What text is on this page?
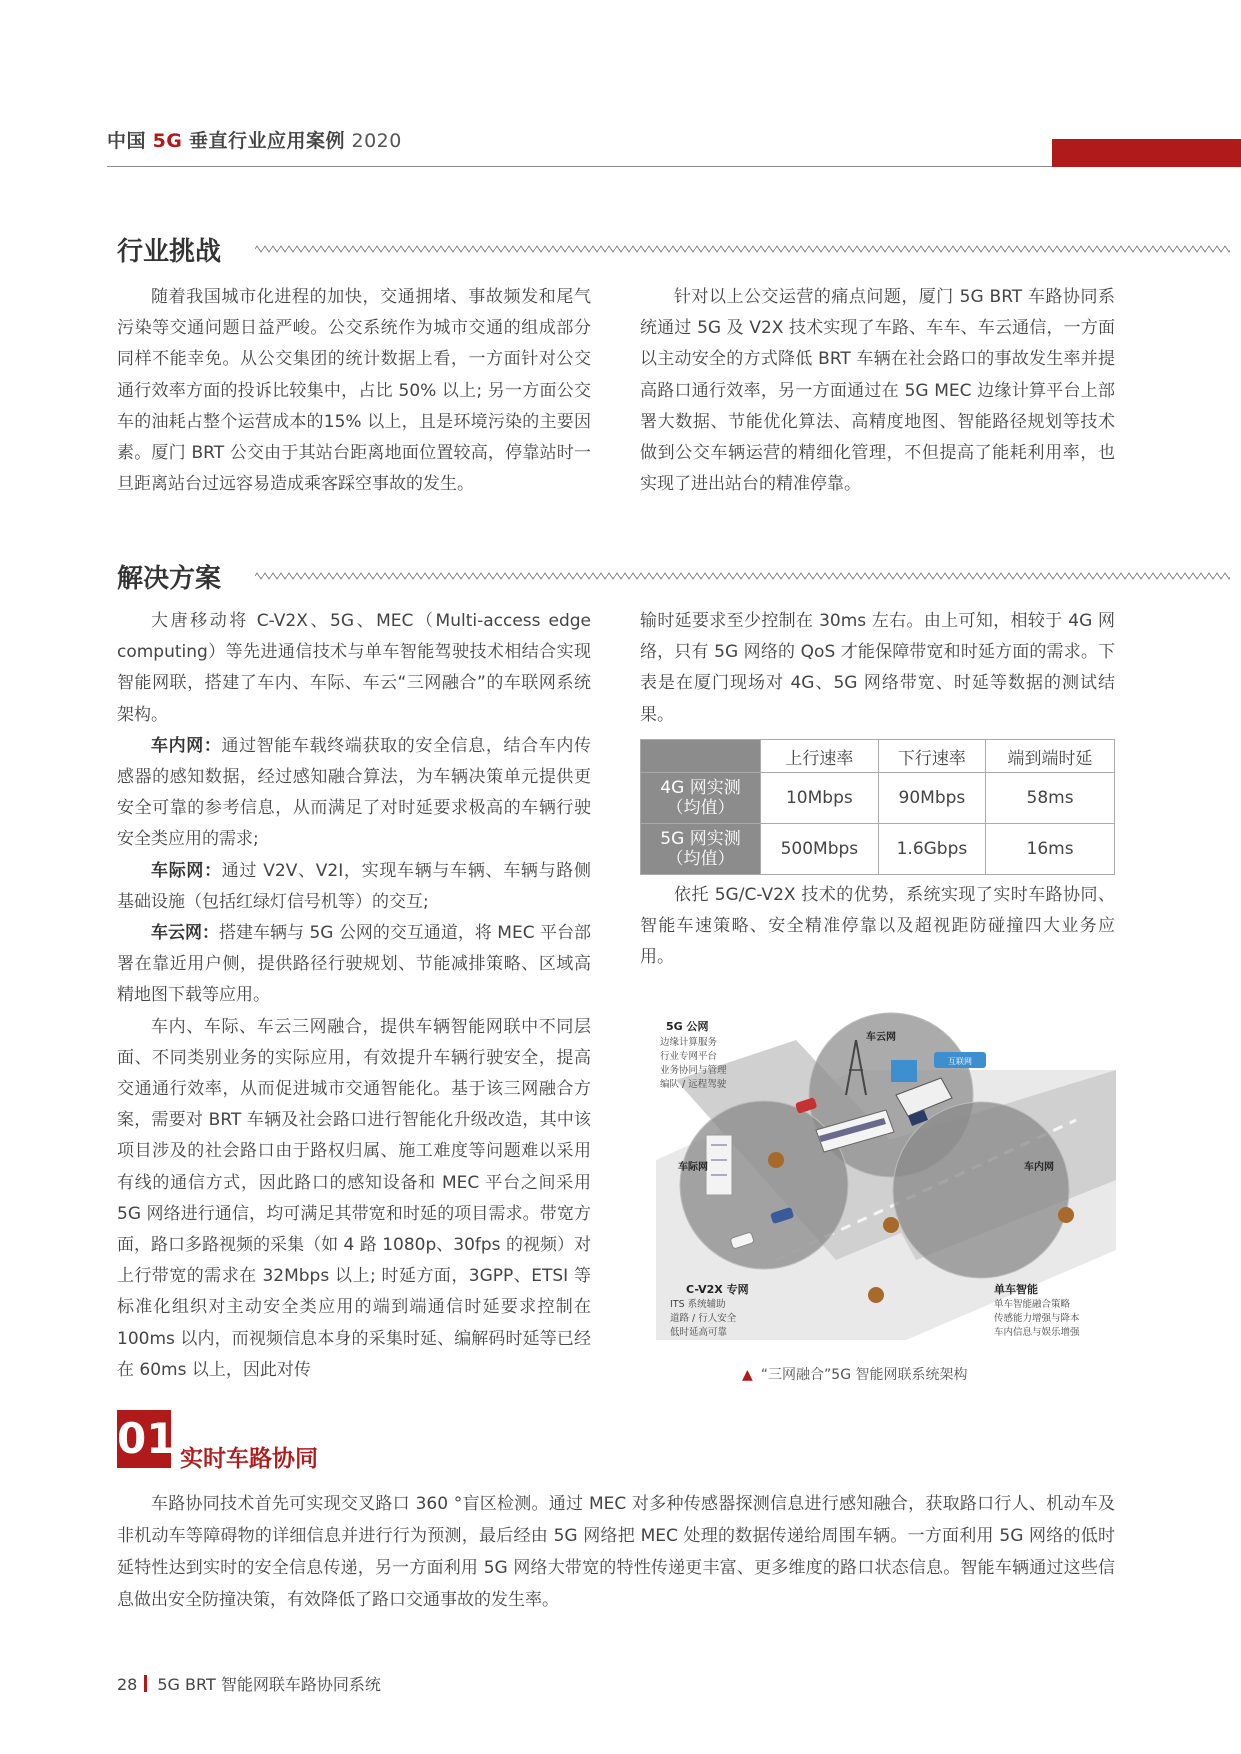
中国 5G 垂直行业应用案例 2020
行业挑战

随着我国城市化进程的加快，交通拥堵、事故频发和尾气污染等交通问题日益严峻。公交系统作为城市交通的组成部分同样不能幸免。从公交集团的统计数据上看，一方面针对公交通行效率方面的投诉比较集中，占比 50% 以上; 另一方面公交车的油耗占整个运营成本的15% 以上，且是环境污染的主要因素。厦门 BRT 公交由于其站台距离地面位置较高，停靠站时一旦距离站台过远容易造成乘客踩空事故的发生。

针对以上公交运营的痛点问题，厦门 5G BRT 车路协同系统通过 5G 及 V2X 技术实现了车路、车车、车云通信，一方面以主动安全的方式降低 BRT 车辆在社会路口的事故发生率并提高路口通行效率，另一方面通过在 5G MEC 边缘计算平台上部署大数据、节能优化算法、高精度地图、智能路径规划等技术做到公交车辆运营的精细化管理，不但提高了能耗利用率，也实现了进出站台的精准停靠。

解决方案

大唐移动将 C-V2X、5G、MEC（Multi-access edge computing）等先进通信技术与单车智能驾驶技术相结合实现智能网联，搭建了车内、车际、车云“三网融合”的车联网系统架构。

车内网：通过智能车载终端获取的安全信息，结合车内传感器的感知数据，经过感知融合算法，为车辆决策单元提供更安全可靠的参考信息，从而满足了对时延要求极高的车辆行驶安全类应用的需求;

车际网：通过 V2V、V2I，实现车辆与车辆、车辆与路侧基础设施（包括红绿灯信号机等）的交互;

车云网：搭建车辆与 5G 公网的交互通道，将 MEC 平台部署在靠近用户侧，提供路径行驶规划、节能减排策略、区域高精地图下载等应用。

车内、车际、车云三网融合，提供车辆智能网联中不同层面、不同类别业务的实际应用，有效提升车辆行驶安全，提高交通通行效率，从而促进城市交通智能化。基于该三网融合方案，需要对 BRT 车辆及社会路口进行智能化升级改造，其中该项目涉及的社会路口由于路权归属、施工难度等问题难以采用有线的通信方式，因此路口的感知设备和 MEC 平台之间采用 5G 网络进行通信，均可满足其带宽和时延的项目需求。带宽方面，路口多路视频的采集（如 4 路 1080p、30fps 的视频）对上行带宽的需求在 32Mbps 以上; 时延方面，3GPP、ETSI 等标准化组织对主动安全类应用的端到端通信时延要求控制在 100ms 以内，而视频信息本身的采集时延、编解码时延等已经在 60ms 以上，因此对传

输时延要求至少控制在 30ms 左右。由上可知，相较于 4G 网络，只有 5G 网络的 QoS 才能保障带宽和时延方面的需求。下表是在厦门现场对 4G、5G 网络带宽、时延等数据的测试结果。

	上行速率	下行速率	端到端时延
4G 网实测
（均值）	10Mbps	90Mbps	58ms
5G 网实测
（均值）	500Mbps	1.6Gbps	16ms

依托 5G/C-V2X 技术的优势，系统实现了实时车路协同、智能车速策略、安全精准停靠以及超视距防碰撞四大业务应用。

互联网
车云网
车际网	车内网
5G 公网
边缘计算服务
行业专网平台
业务协同与管理
编队 / 远程驾驶
C-V2X 专网
ITS 系统辅助
道路 / 行人安全
低时延高可靠
单车智能
单车智能融合策略
传感能力增强与降本
车内信息与娱乐增强
▲ “三网融合”5G 智能网联系统架构
01 实时车路协同

车路协同技术首先可实现交叉路口 360 °盲区检测。通过 MEC 对多种传感器探测信息进行感知融合，获取路口行人、机动车及非机动车等障碍物的详细信息并进行行为预测，最后经由 5G 网络把 MEC 处理的数据传递给周围车辆。一方面利用 5G 网络的低时延特性达到实时的安全信息传递，另一方面利用 5G 网络大带宽的特性传递更丰富、更多维度的路口状态信息。智能车辆通过这些信息做出安全防撞决策，有效降低了路口交通事故的发生率。

28 5G BRT 智能网联车路协同系统
